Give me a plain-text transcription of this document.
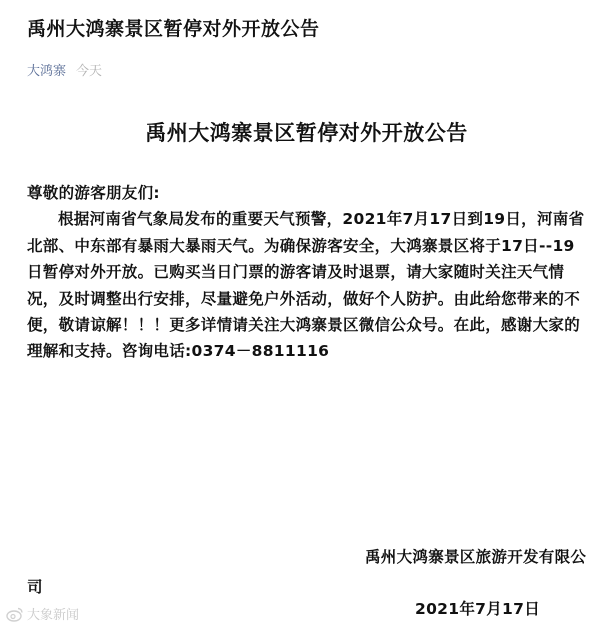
禹州大鸿寨景区暂停对外开放公告
大鸿寨 今天
禹州大鸿寨景区暂停对外开放公告

尊敬的游客朋友们:

根据河南省气象局发布的重要天气预警，2021年7月17日到19日，河南省北部、中东部有暴雨大暴雨天气。为确保游客安全，大鸿寨景区将于17日--19日暂停对外开放。已购买当日门票的游客请及时退票，请大家随时关注天气情况，及时调整出行安排，尽量避免户外活动，做好个人防护。由此给您带来的不便，敬请谅解！！！更多详情请关注大鸿寨景区微信公众号。在此，感谢大家的理解和支持。咨询电话:0374－8811116

禹州大鸿寨景区旅游开发有限公司
2021年7月17日
大象新闻
